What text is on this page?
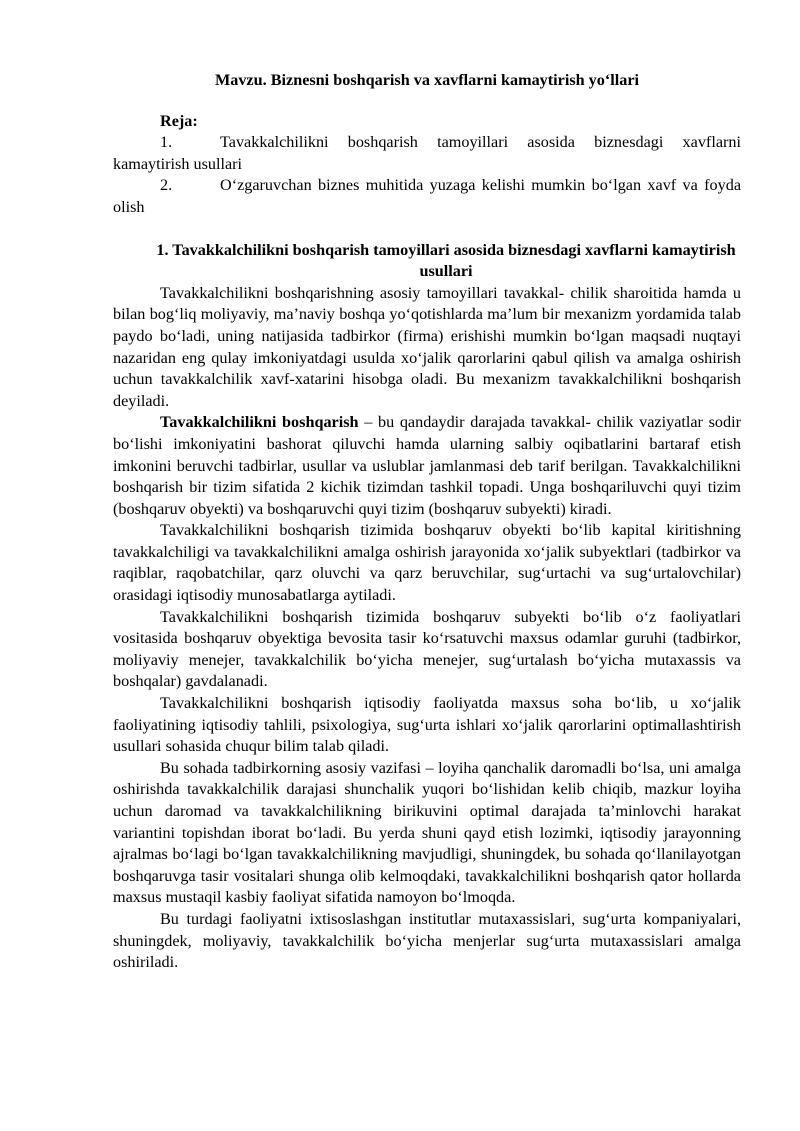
Mavzu. Biznesni boshqarish va xavflarni kamaytirish yo‘llari

Reja:

1.	Tavakkalchilikni boshqarish tamoyillari asosida biznesdagi xavflarni kamaytirish usullari

2.	O‘zgaruvchan biznes muhitida yuzaga kelishi mumkin bo‘lgan xavf va foyda olish

1. Tavakkalchilikni boshqarish tamoyillari asosida biznesdagi xavflarni kamaytirish usullari

Tavakkalchilikni boshqarishning asosiy tamoyillari tavakkal- chilik sharoitida hamda u bilan bog‘liq moliyaviy, ma’naviy boshqa yo‘qotishlarda ma’lum bir mexanizm yordamida talab paydo bo‘ladi, uning natijasida tadbirkor (firma) erishishi mumkin bo‘lgan maqsadi nuqtayi nazaridan eng qulay imkoniyatdagi usulda xo‘jalik qarorlarini qabul qilish va amalga oshirish uchun tavakkalchilik xavf-xatarini hisobga oladi. Bu mexanizm tavakkalchilikni boshqarish deyiladi.

Tavakkalchilikni boshqarish – bu qandaydir darajada tavakkal- chilik vaziyatlar sodir bo‘lishi imkoniyatini bashorat qiluvchi hamda ularning salbiy oqibatlarini bartaraf etish imkonini beruvchi tadbirlar, usullar va uslublar jamlanmasi deb tarif berilgan. Tavakkalchilikni boshqarish bir tizim sifatida 2 kichik tizimdan tashkil topadi. Unga boshqariluvchi quyi tizim (boshqaruv obyekti) va boshqaruvchi quyi tizim (boshqaruv subyekti) kiradi.

Tavakkalchilikni boshqarish tizimida boshqaruv obyekti bo‘lib kapital kiritishning tavakkalchiligi va tavakkalchilikni amalga oshirish jarayonida xo‘jalik subyektlari (tadbirkor va raqiblar, raqobatchilar, qarz oluvchi va qarz beruvchilar, sug‘urtachi va sug‘urtalovchilar) orasidagi iqtisodiy munosabatlarga aytiladi.

Tavakkalchilikni boshqarish tizimida boshqaruv subyekti bo‘lib o‘z faoliyatlari vositasida boshqaruv obyektiga bevosita tasir ko‘rsatuvchi maxsus odamlar guruhi (tadbirkor, moliyaviy menejer, tavakkalchilik bo‘yicha menejer, sug‘urtalash bo‘yicha mutaxassis va boshqalar) gavdalanadi.

Tavakkalchilikni boshqarish iqtisodiy faoliyatda maxsus soha bo‘lib, u xo‘jalik faoliyatining iqtisodiy tahlili, psixologiya, sug‘urta ishlari xo‘jalik qarorlarini optimallashtirish usullari sohasida chuqur bilim talab qiladi.

Bu sohada tadbirkorning asosiy vazifasi – loyiha qanchalik daromadli bo‘lsa, uni amalga oshirishda tavakkalchilik darajasi shunchalik yuqori bo‘lishidan kelib chiqib, mazkur loyiha uchun daromad va tavakkalchilikning birikuvini optimal darajada ta’minlovchi harakat variantini topishdan iborat bo‘ladi. Bu yerda shuni qayd etish lozimki, iqtisodiy jarayonning ajralmas bo‘lagi bo‘lgan tavakkalchilikning mavjudligi, shuningdek, bu sohada qo‘llanilayotgan boshqaruvga tasir vositalari shunga olib kelmoqdaki, tavakkalchilikni boshqarish qator hollarda maxsus mustaqil kasbiy faoliyat sifatida namoyon bo‘lmoqda.

Bu turdagi faoliyatni ixtisoslashgan institutlar mutaxassislari, sug‘urta kompaniyalari, shuningdek, moliyaviy, tavakkalchilik bo‘yicha menjerlar sug‘urta mutaxassislari amalga oshiriladi.
